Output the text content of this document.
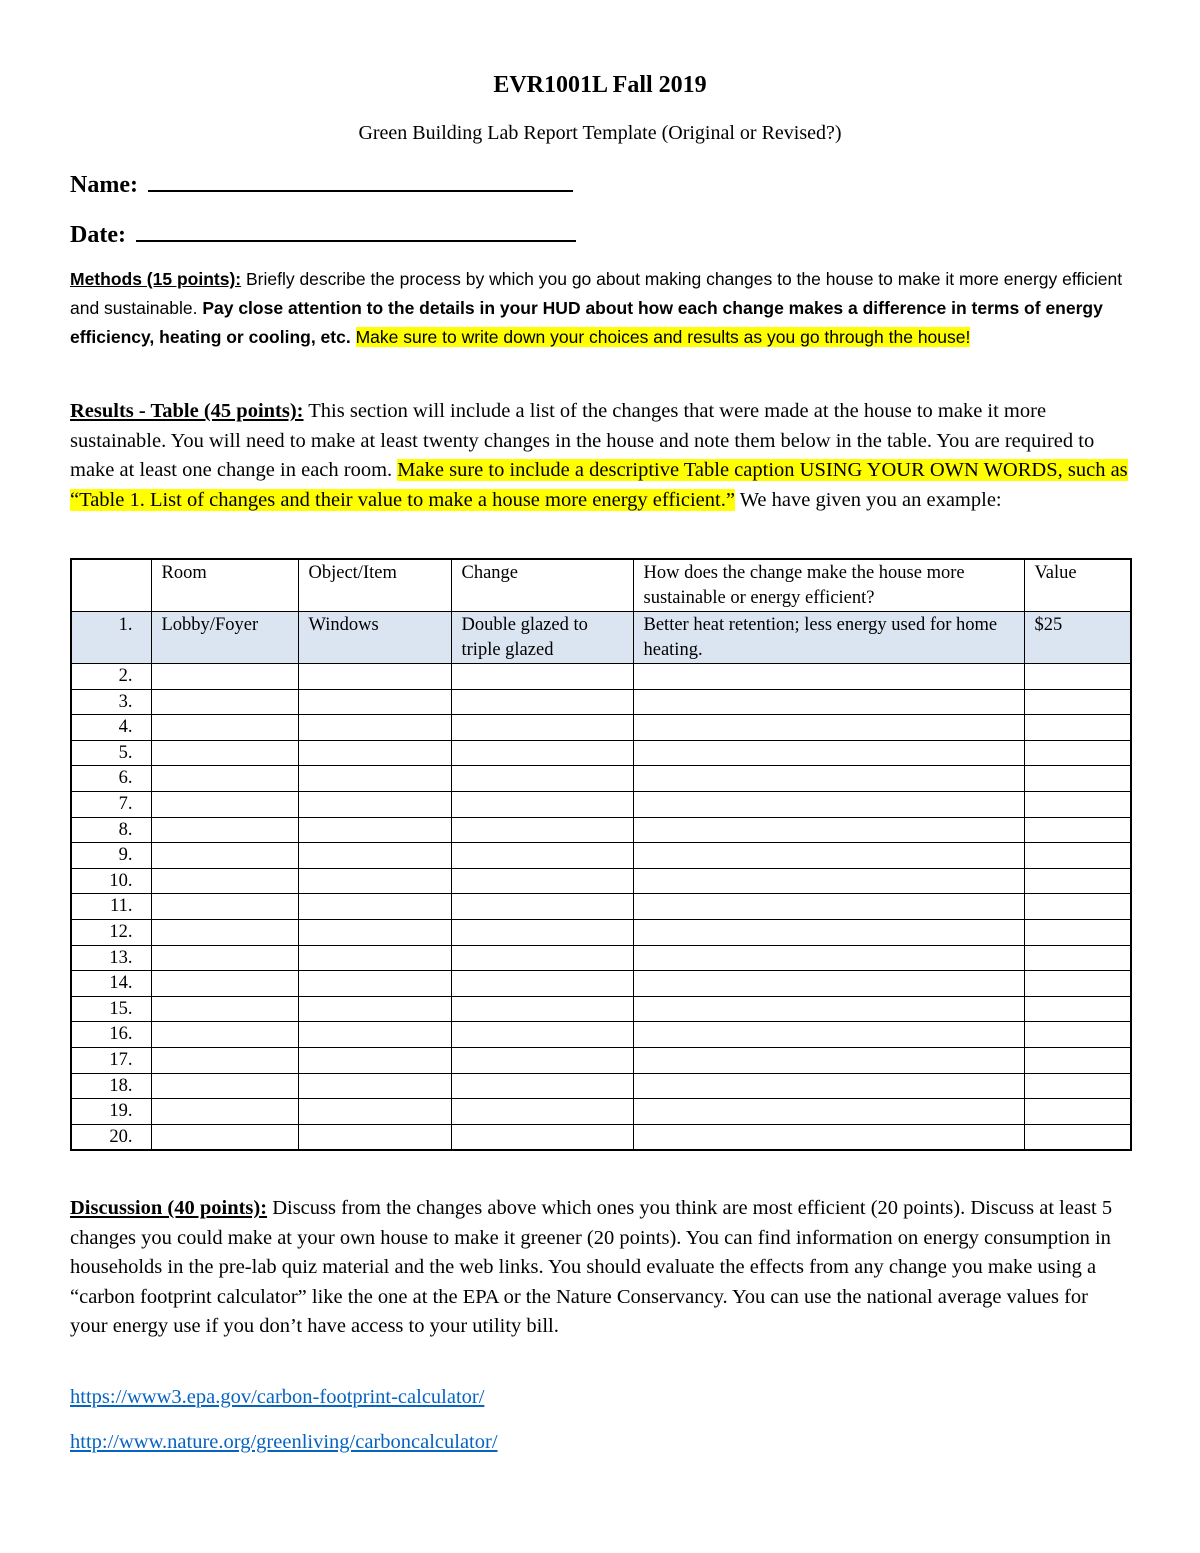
EVR1001L Fall 2019
Green Building Lab Report Template (Original or Revised?)
Name:
Date:
Methods (15 points): Briefly describe the process by which you go about making changes to the house to make it more energy efficient and sustainable. Pay close attention to the details in your HUD about how each change makes a difference in terms of energy efficiency, heating or cooling, etc. Make sure to write down your choices and results as you go through the house!
Results - Table (45 points): This section will include a list of the changes that were made at the house to make it more sustainable. You will need to make at least twenty changes in the house and note them below in the table. You are required to make at least one change in each room. Make sure to include a descriptive Table caption USING YOUR OWN WORDS, such as “Table 1. List of changes and their value to make a house more energy efficient.” We have given you an example:
	Room	Object/Item	Change	How does the change make the house more sustainable or energy efficient?	Value
1.	Lobby/Foyer	Windows	Double glazed to triple glazed	Better heat retention; less energy used for home heating.	$25
2.					
3.					
4.					
5.					
6.					
7.					
8.					
9.					
10.					
11.					
12.					
13.					
14.					
15.					
16.					
17.					
18.					
19.					
20.					
Discussion (40 points): Discuss from the changes above which ones you think are most efficient (20 points). Discuss at least 5 changes you could make at your own house to make it greener (20 points). You can find information on energy consumption in households in the pre-lab quiz material and the web links. You should evaluate the effects from any change you make using a “carbon footprint calculator” like the one at the EPA or the Nature Conservancy. You can use the national average values for your energy use if you don’t have access to your utility bill.
https://www3.epa.gov/carbon-footprint-calculator/
http://www.nature.org/greenliving/carboncalculator/
